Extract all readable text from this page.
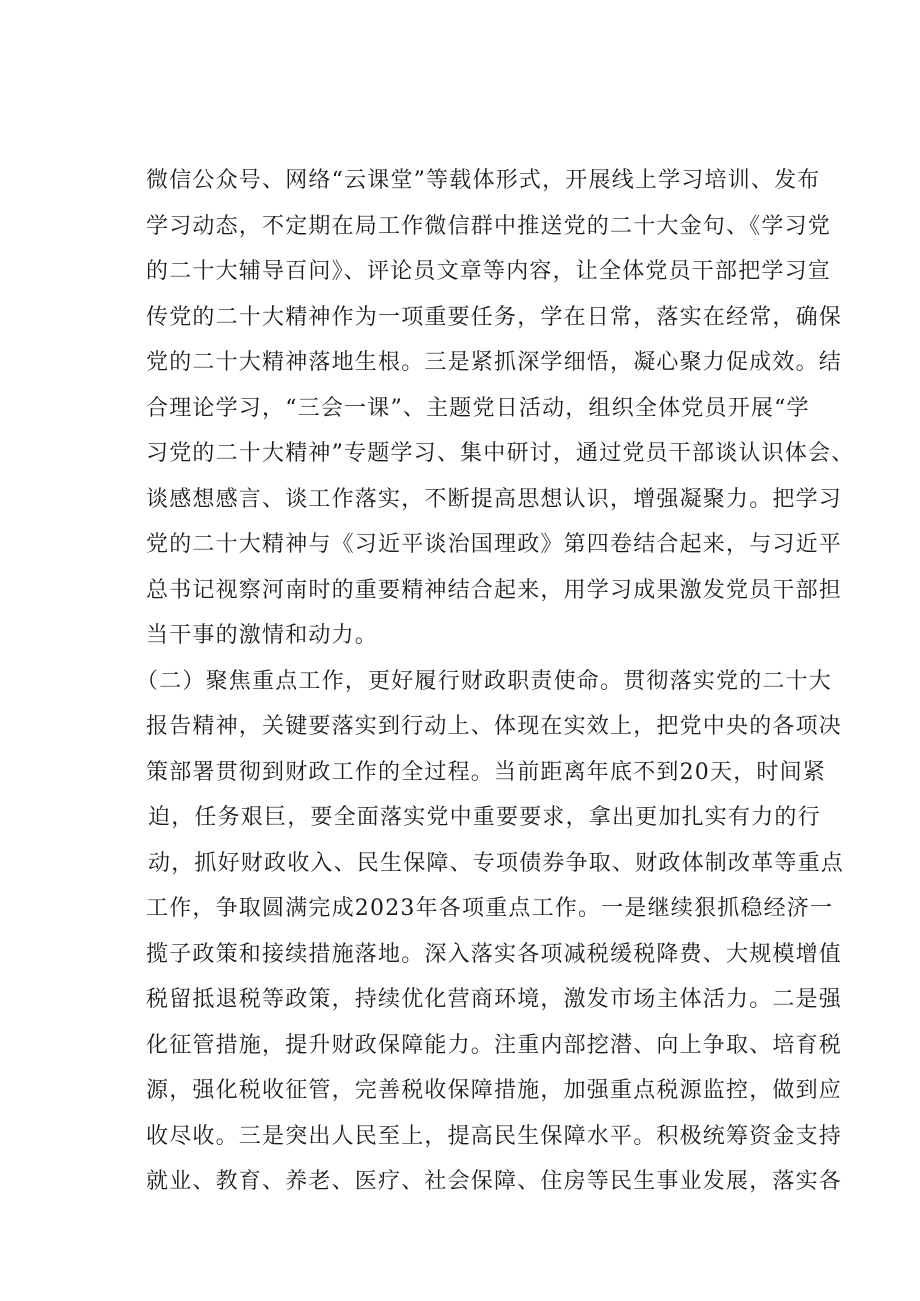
微信公众号、网络“云课堂”等载体形式，开展线上学习培训、发布
学习动态，不定期在局工作微信群中推送党的二十大金句、《学习党
的二十大辅导百问》、评论员文章等内容，让全体党员干部把学习宣
传党的二十大精神作为一项重要任务，学在日常，落实在经常，确保
党的二十大精神落地生根。三是紧抓深学细悟，凝心聚力促成效。结
合理论学习，“三会一课”、主题党日活动，组织全体党员开展“学
习党的二十大精神”专题学习、集中研讨，通过党员干部谈认识体会、
谈感想感言、谈工作落实，不断提高思想认识，增强凝聚力。把学习
党的二十大精神与《习近平谈治国理政》第四卷结合起来，与习近平
总书记视察河南时的重要精神结合起来，用学习成果激发党员干部担
当干事的激情和动力。
（二）聚焦重点工作，更好履行财政职责使命。贯彻落实党的二十大
报告精神，关键要落实到行动上、体现在实效上，把党中央的各项决
策部署贯彻到财政工作的全过程。当前距离年底不到20天，时间紧
迫，任务艰巨，要全面落实党中重要要求，拿出更加扎实有力的行
动，抓好财政收入、民生保障、专项债券争取、财政体制改革等重点
工作，争取圆满完成2023年各项重点工作。一是继续狠抓稳经济一
揽子政策和接续措施落地。深入落实各项减税缓税降费、大规模增值
税留抵退税等政策，持续优化营商环境，激发市场主体活力。二是强
化征管措施，提升财政保障能力。注重内部挖潜、向上争取、培育税
源，强化税收征管，完善税收保障措施，加强重点税源监控，做到应
收尽收。三是突出人民至上，提高民生保障水平。积极统筹资金支持
就业、教育、养老、医疗、社会保障、住房等民生事业发展，落实各
